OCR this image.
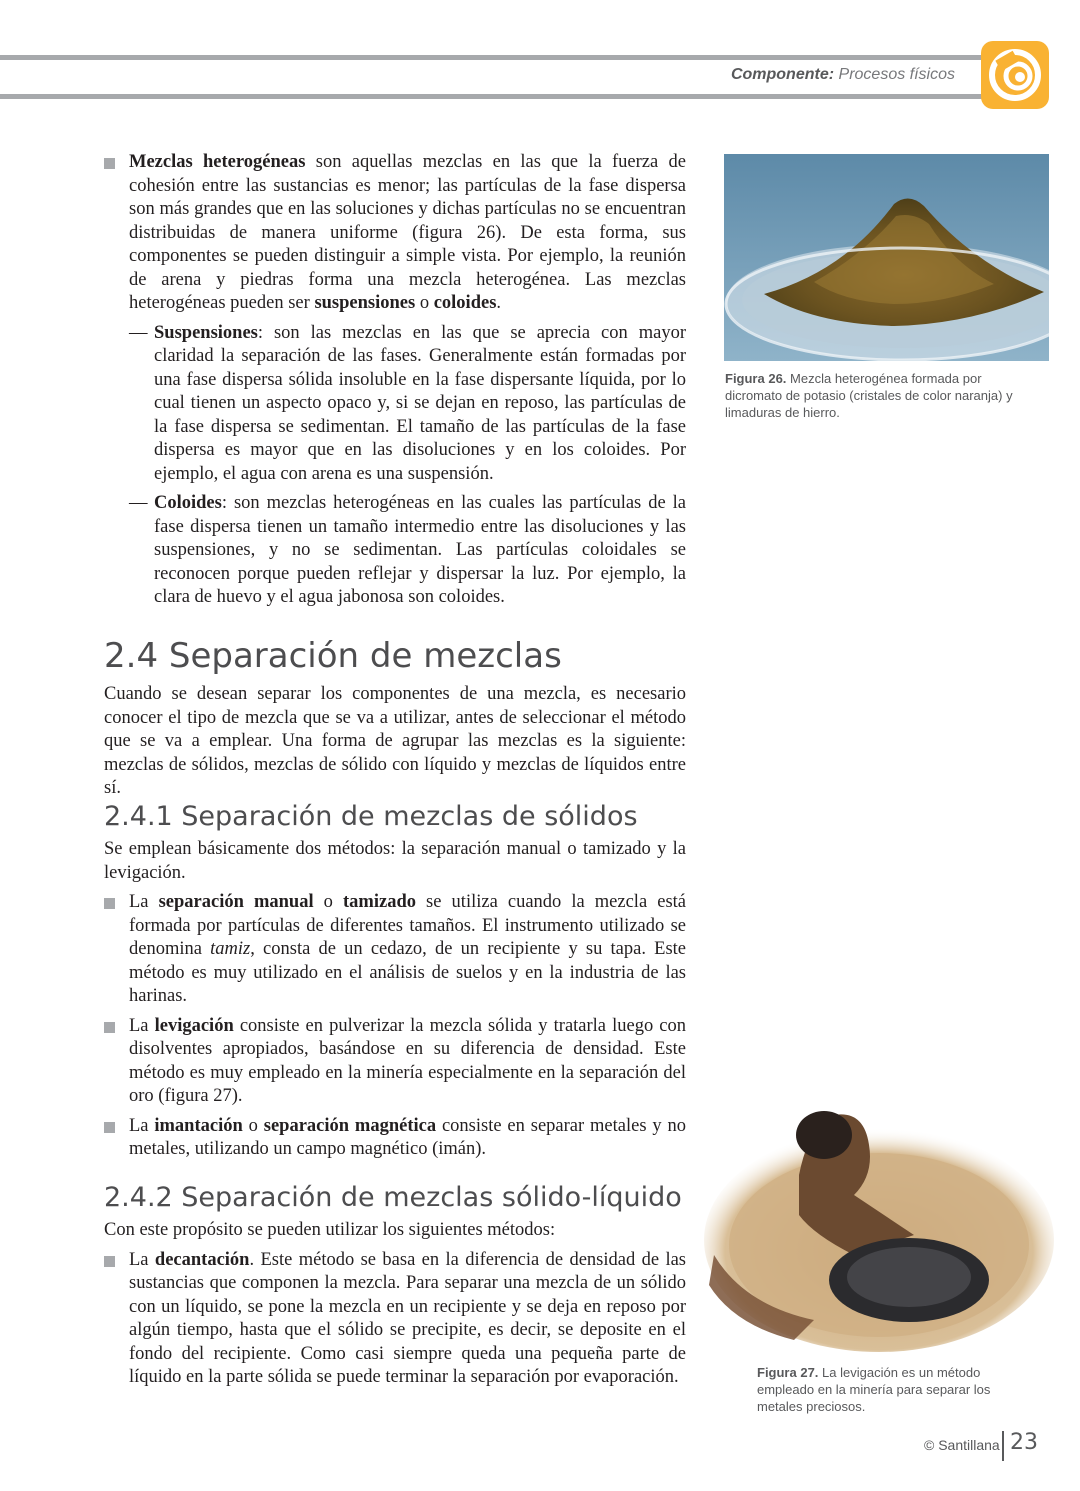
Componente: Procesos físicos
Mezclas heterogéneas son aquellas mezclas en las que la fuerza de cohesión entre las sustancias es menor; las partículas de la fase dispersa son más grandes que en las soluciones y dichas partículas no se encuentran distribuidas de manera uniforme (figura 26). De esta forma, sus componentes se pueden distinguir a simple vista. Por ejemplo, la reunión de arena y piedras forma una mezcla heterogénea. Las mezclas heterogéneas pueden ser suspensiones o coloides.
— Suspensiones: son las mezclas en las que se aprecia con mayor claridad la separación de las fases. Generalmente están formadas por una fase dispersa sólida insoluble en la fase dispersante líquida, por lo cual tienen un aspecto opaco y, si se dejan en reposo, las partículas de la fase dispersa se sedimentan. El tamaño de las partículas de la fase dispersa es mayor que en las disoluciones y en los coloides. Por ejemplo, el agua con arena es una suspensión.
— Coloides: son mezclas heterogéneas en las cuales las partículas de la fase dispersa tienen un tamaño intermedio entre las disoluciones y las suspensiones, y no se sedimentan. Las partículas coloidales se reconocen porque pueden reflejar y dispersar la luz. Por ejemplo, la clara de huevo y el agua jabonosa son coloides.
2.4 Separación de mezclas

Cuando se desean separar los componentes de una mezcla, es necesario conocer el tipo de mezcla que se va a utilizar, antes de seleccionar el método que se va a emplear. Una forma de agrupar las mezclas es la siguiente: mezclas de sólidos, mezclas de sólido con líquido y mezclas de líquidos entre sí.

2.4.1 Separación de mezclas de sólidos

Se emplean básicamente dos métodos: la separación manual o tamizado y la levigación.

La separación manual o tamizado se utiliza cuando la mezcla está formada por partículas de diferentes tamaños. El instrumento utilizado se denomina tamiz, consta de un cedazo, de un recipiente y su tapa. Este método es muy utilizado en el análisis de suelos y en la industria de las harinas.
La levigación consiste en pulverizar la mezcla sólida y tratarla luego con disolventes apropiados, basándose en su diferencia de densidad. Este método es muy empleado en la minería especialmente en la separación del oro (figura 27).
La imantación o separación magnética consiste en separar metales y no metales, utilizando un campo magnético (imán).
2.4.2 Separación de mezclas sólido-líquido

Con este propósito se pueden utilizar los siguientes métodos:

La decantación. Este método se basa en la diferencia de densidad de las sustancias que componen la mezcla. Para separar una mezcla de un sólido con un líquido, se pone la mezcla en un recipiente y se deja en reposo por algún tiempo, hasta que el sólido se precipite, es decir, se deposite en el fondo del recipiente. Como casi siempre queda una pequeña parte de líquido en la parte sólida se puede terminar la separación por evaporación.
Figura 26. Mezcla heterogénea formada por dicromato de potasio (cristales de color naranja) y limaduras de hierro.
Figura 27. La levigación es un método empleado en la minería para separar los metales preciosos.
© Santillana 23
